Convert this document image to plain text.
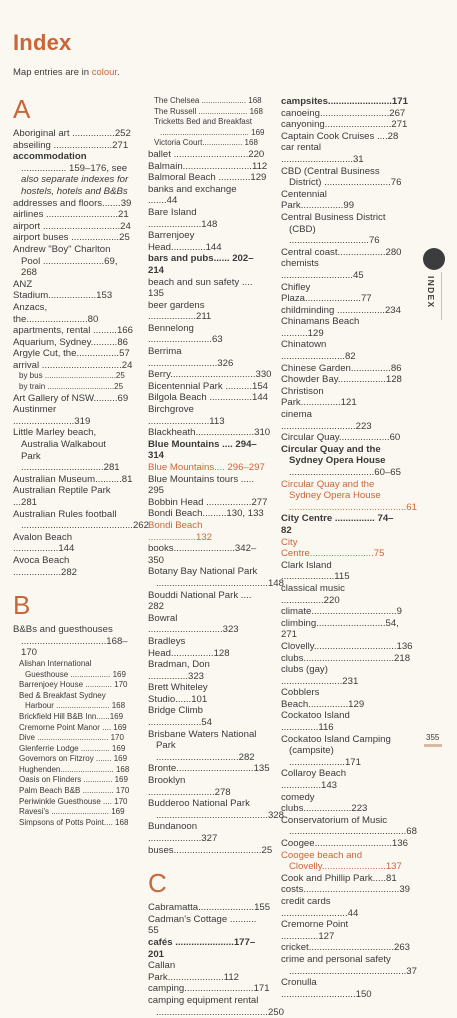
Index
Map entries are in colour.
A
Aboriginal art ................252
abseiling ......................271
accommodation
................. 159–176, see
also separate indexes for
hostels, hotels and B&Bs
addresses and floors.......39
airlines ...........................21
airport .............................24
airport buses ..................25
Andrew "Boy" Charlton
Pool .......................69, 268
ANZ Stadium..................153
Anzacs, the.......................80
apartments, rental .........166
Aquarium, Sydney..........86
Argyle Cut, the................57
arrival ..............................24
by bus ................................25
by train ..............................25
Art Gallery of NSW.........69
Austinmer .......................319
Little Marley beach,
Australia Walkabout
Park ...............................281
Australian Museum..........81
Australian Reptile Park ...281
Australian Rules football
..........................................262
Avalon Beach .................144
Avoca Beach ..................282
B
B&Bs and guesthouses
................................168–170
Alishan International
Guesthouse .................. 169
Barrenjoey House ............ 170
Bed & Breakfast Sydney
Harbour ........................ 168
Brickfield Hill B&B Inn......169
Cremorne Point Manor .... 169
Dive ................................ 170
Glenferrie Lodge ............. 169
Governors on Fitzroy ....... 169
Hughenden........................ 168
Oasis on Flinders ............. 169
Palm Beach B&B .............. 170
Periwinkle Guesthouse .... 170
Ravesi's .......................... 169
Simpsons of Potts Point.... 168
The Chelsea .................... 168
The Russell ...................... 168
Tricketts Bed and Breakfast
........................................ 169
Victoria Court.................. 168
ballet ............................220
Balmain..........................112
Balmoral Beach ............129
banks and exchange .......44
Bare Island ....................148
Barrenjoey Head.............144
bars and pubs...... 202–214
beach and sun safety .... 135
beer gardens ..................211
Bennelong ........................63
Berrima ..........................326
Berry................................330
Bicentennial Park ..........154
Bilgola Beach ................144
Birchgrove .......................113
Blackheath......................310
Blue Mountains .... 294–314
Blue Mountains.... 296–297
Blue Mountains tours ..... 295
Bobbin Head .................277
Bondi Beach.........130, 133
Bondi Beach ..................132
books.......................342–350
Botany Bay National Park
..........................................148
Bouddi National Park .... 282
Bowral ............................323
Bradleys Head................128
Bradman, Don ...............323
Brett Whiteley Studio......101
Bridge Climb ....................54
Brisbane Waters National
Park ...............................282
Bronte.............................135
Brooklyn .........................278
Budderoo National Park
..........................................328
Bundanoon ....................327
buses.................................25
C
Cabramatta.....................155
Cadman's Cottage .......... 55
cafés ......................177–201
Callan Park.....................112
camping..........................171
camping equipment rental
..........................................250
campsites........................171
canoeing..........................267
canyoning.........................271
Captain Cook Cruises ....28
car rental ...........................31
CBD (Central Business
District) .........................76
Centennial Park................99
Central Business District
(CBD) ..............................76
Central coast..................280
chemists ...........................45
Chifley Plaza.....................77
childminding ..................234
Chinamans Beach ..........129
Chinatown ........................82
Chinese Garden...............86
Chowder Bay..................128
Christison Park...............121
cinema ............................223
Circular Quay...................60
Circular Quay and the
Sydney Opera House
................................60–65
Circular Quay and the
Sydney Opera House
............................................61
City Centre ............... 74–82
City Centre........................75
Clark Island ....................115
classical music ................220
climate................................9
climbing..........................54, 271
Clovelly...............................136
clubs..................................218
clubs (gay) .......................231
Cobblers Beach...............129
Cockatoo Island ..............116
Cockatoo Island Camping
(campsite) .....................171
Collaroy Beach ...............143
comedy clubs..................223
Conservatorium of Music
............................................68
Coogee.............................136
Coogee beach and
Clovelly........................137
Cook and Phillip Park.....81
costs....................................39
credit cards .........................44
Cremorne Point ..............127
cricket................................263
crime and personal safety
............................................37
Cronulla ............................150
INDEX
355
